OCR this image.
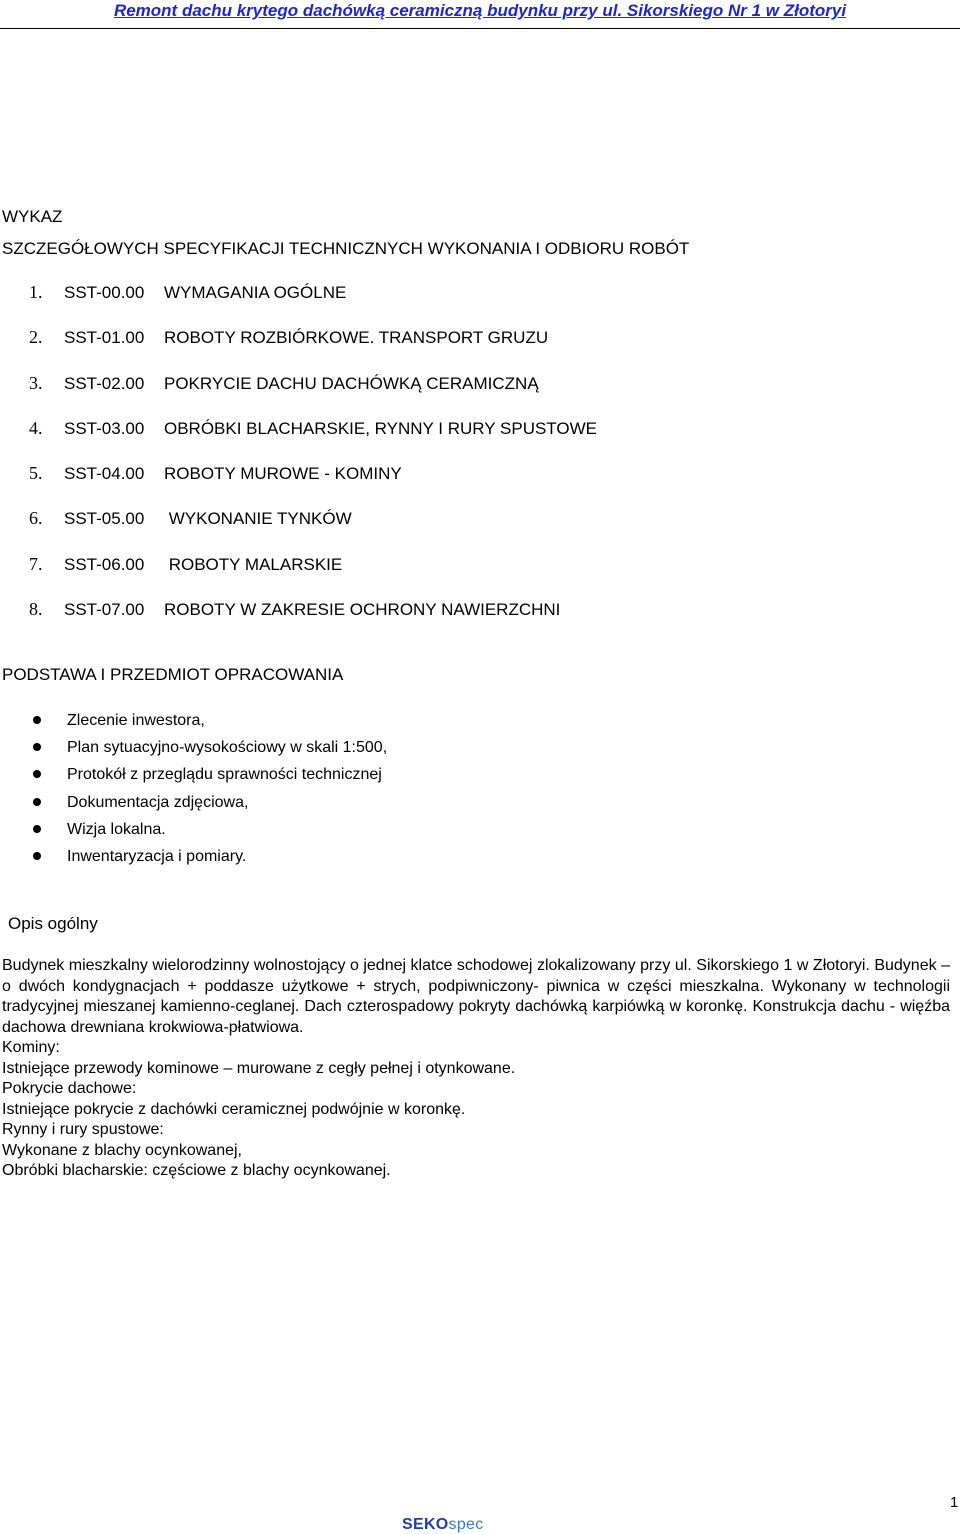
Remont dachu krytego dachówką ceramiczną budynku przy ul. Sikorskiego Nr 1 w Złotoryi
WYKAZ
SZCZEGÓŁOWYCH SPECYFIKACJI TECHNICZNYCH WYKONANIA I ODBIORU ROBÓT
1. SST-00.00 WYMAGANIA OGÓLNE
2. SST-01.00 ROBOTY ROZBIÓRKOWE. TRANSPORT GRUZU
3. SST-02.00 POKRYCIE DACHU DACHÓWKĄ CERAMICZNĄ
4. SST-03.00 OBRÓBKI BLACHARSKIE, RYNNY I RURY SPUSTOWE
5. SST-04.00 ROBOTY MUROWE - KOMINY
6. SST-05.00 WYKONANIE TYNKÓW
7. SST-06.00 ROBOTY MALARSKIE
8. SST-07.00 ROBOTY W ZAKRESIE OCHRONY NAWIERZCHNI
PODSTAWA I PRZEDMIOT OPRACOWANIA
Zlecenie inwestora,
Plan sytuacyjno-wysokościowy w skali 1:500,
Protokół z przeglądu sprawności technicznej
Dokumentacja zdjęciowa,
Wizja lokalna.
Inwentaryzacja i pomiary.
Opis ogólny

Budynek mieszkalny wielorodzinny wolnostojący o jednej klatce schodowej zlokalizowany przy ul. Sikorskiego 1 w Złotoryi. Budynek – o dwóch kondygnacjach + poddasze użytkowe + strych, podpiwniczony- piwnica w części mieszkalna. Wykonany w technologii tradycyjnej mieszanej kamienno-ceglanej. Dach czterospadowy pokryty dachówką karpiówką w koronkę. Konstrukcja dachu - więźba dachowa drewniana krokwiowa-płatwiowa.

Kominy:

Istniejące przewody kominowe – murowane z cegły pełnej i otynkowane.

Pokrycie dachowe:

Istniejące pokrycie z dachówki ceramicznej podwójnie w koronkę.

Rynny i rury spustowe:

Wykonane z blachy ocynkowanej,

Obróbki blacharskie: częściowe z blachy ocynkowanej.

1
SEKOspec
